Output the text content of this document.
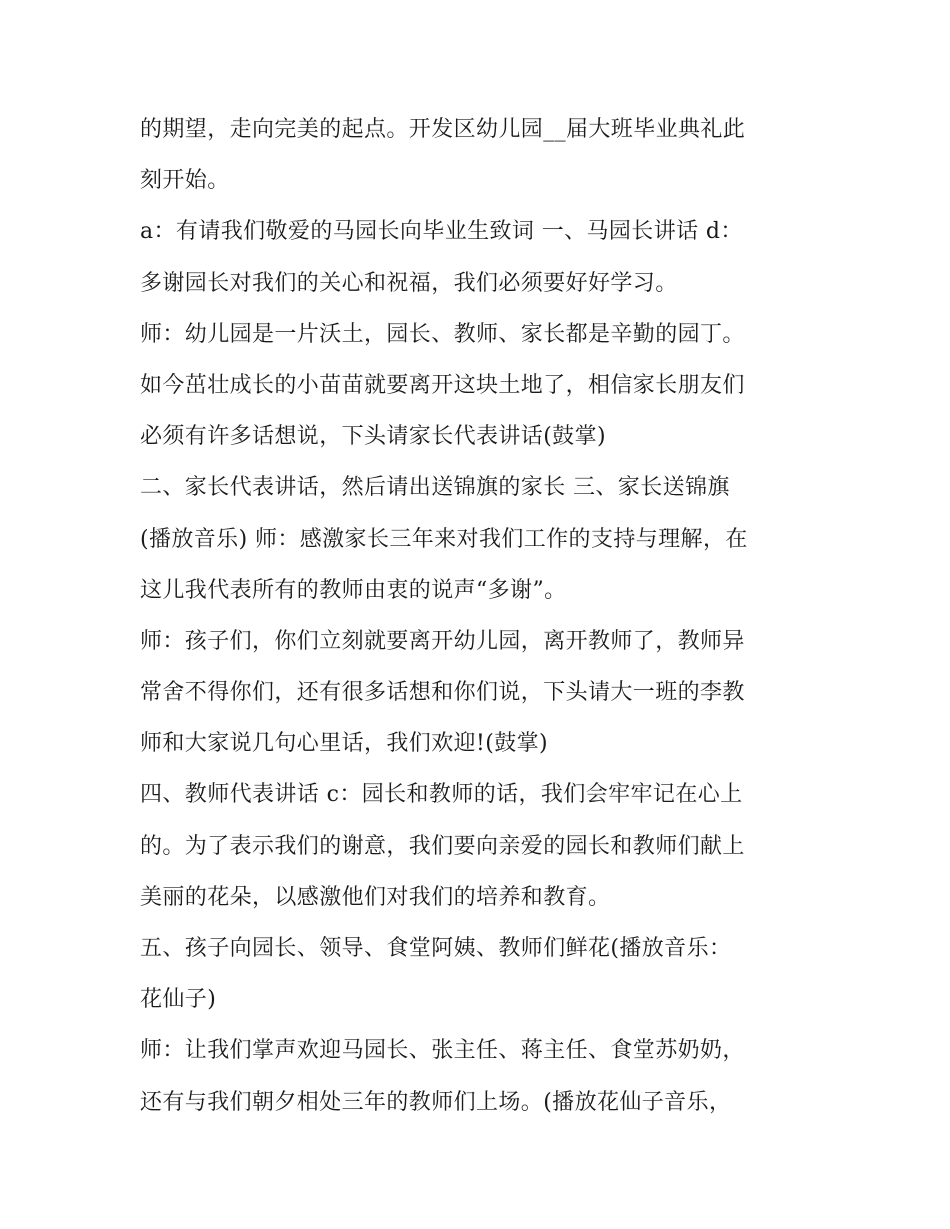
的期望，走向完美的起点。开发区幼儿园__届大班毕业典礼此
刻开始。
a：有请我们敬爱的马园长向毕业生致词 一、马园长讲话 d：
多谢园长对我们的关心和祝福，我们必须要好好学习。
师：幼儿园是一片沃土，园长、教师、家长都是辛勤的园丁。
如今茁壮成长的小苗苗就要离开这块土地了，相信家长朋友们
必须有许多话想说，下头请家长代表讲话(鼓掌)
二、家长代表讲话，然后请出送锦旗的家长 三、家长送锦旗
(播放音乐) 师：感激家长三年来对我们工作的支持与理解，在
这儿我代表所有的教师由衷的说声“多谢”。
师：孩子们，你们立刻就要离开幼儿园，离开教师了，教师异
常舍不得你们，还有很多话想和你们说，下头请大一班的李教
师和大家说几句心里话，我们欢迎!(鼓掌)
四、教师代表讲话 c：园长和教师的话，我们会牢牢记在心上
的。为了表示我们的谢意，我们要向亲爱的园长和教师们献上
美丽的花朵，以感激他们对我们的培养和教育。
五、孩子向园长、领导、食堂阿姨、教师们鲜花(播放音乐：
花仙子)
师：让我们掌声欢迎马园长、张主任、蒋主任、食堂苏奶奶，
还有与我们朝夕相处三年的教师们上场。(播放花仙子音乐，
